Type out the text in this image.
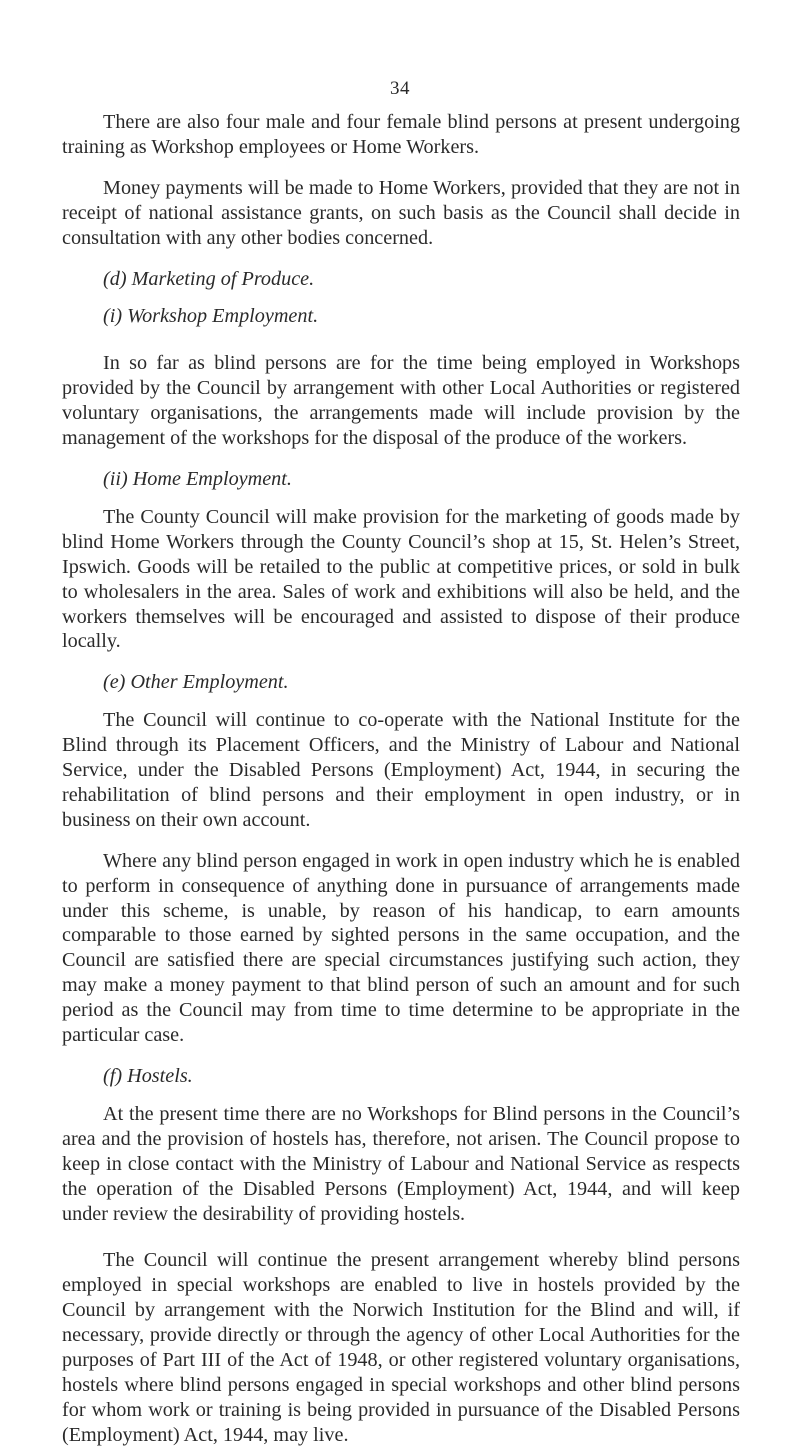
34

There are also four male and four female blind persons at present undergoing training as Workshop employees or Home Workers.

Money payments will be made to Home Workers, provided that they are not in receipt of national assistance grants, on such basis as the Council shall decide in consultation with any other bodies concerned.

(d) Marketing of Produce.

(i) Workshop Employment.

In so far as blind persons are for the time being employed in Workshops provided by the Council by arrangement with other Local Authorities or registered voluntary organisations, the arrangements made will include provision by the management of the workshops for the disposal of the produce of the workers.

(ii) Home Employment.

The County Council will make provision for the marketing of goods made by blind Home Workers through the County Council’s shop at 15, St. Helen’s Street, Ipswich. Goods will be retailed to the public at competitive prices, or sold in bulk to wholesalers in the area. Sales of work and exhibitions will also be held, and the workers themselves will be encouraged and assisted to dispose of their produce locally.

(e) Other Employment.

The Council will continue to co-operate with the National Institute for the Blind through its Placement Officers, and the Ministry of Labour and National Service, under the Disabled Persons (Employment) Act, 1944, in securing the rehabilitation of blind persons and their employment in open industry, or in business on their own account.

Where any blind person engaged in work in open industry which he is enabled to perform in consequence of anything done in pursuance of arrangements made under this scheme, is unable, by reason of his handicap, to earn amounts comparable to those earned by sighted persons in the same occupation, and the Council are satisfied there are special circumstances justifying such action, they may make a money payment to that blind person of such an amount and for such period as the Council may from time to time determine to be appropriate in the particular case.

(f) Hostels.

At the present time there are no Workshops for Blind persons in the Council’s area and the provision of hostels has, therefore, not arisen. The Council propose to keep in close contact with the Ministry of Labour and National Service as respects the operation of the Disabled Persons (Employment) Act, 1944, and will keep under review the desirability of providing hostels.

The Council will continue the present arrangement whereby blind persons employed in special workshops are enabled to live in hostels provided by the Council by arrangement with the Norwich Institution for the Blind and will, if necessary, provide directly or through the agency of other Local Authorities for the purposes of Part III of the Act of 1948, or other registered voluntary organisations, hostels where blind persons engaged in special workshops and other blind persons for whom work or training is being provided in pursuance of the Disabled Persons (Employment) Act, 1944, may live.
